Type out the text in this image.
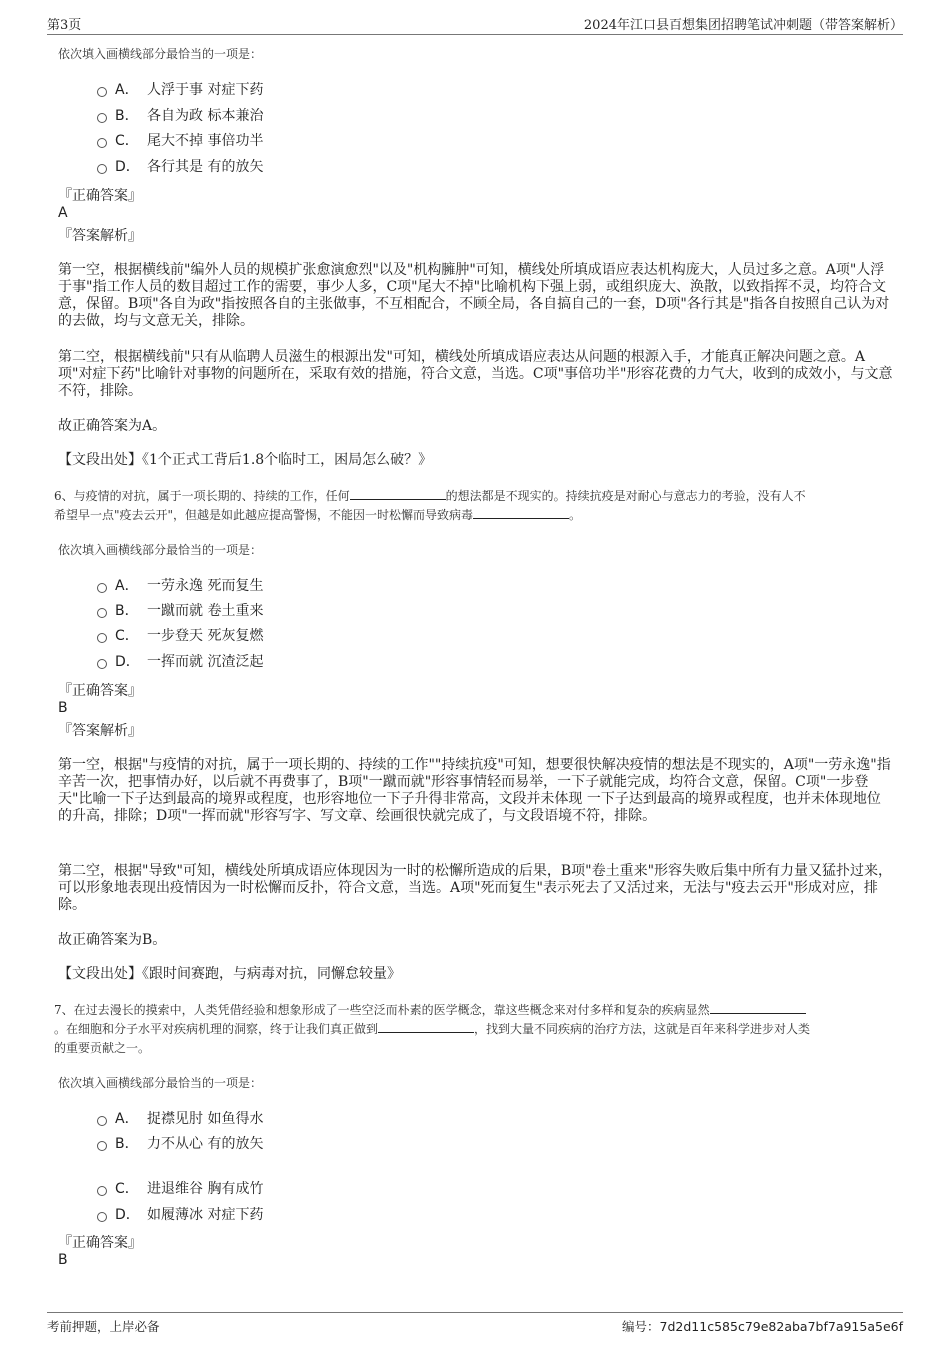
第3页	2024年江口县百想集团招聘笔试冲刺题（带答案解析）
依次填入画横线部分最恰当的一项是：
A． 人浮于事 对症下药
B． 各自为政 标本兼治
C． 尾大不掉 事倍功半
D． 各行其是 有的放矢
『正确答案』
A
『答案解析』
第一空，根据横线前"编外人员的规模扩张愈演愈烈"以及"机构臃肿"可知，横线处所填成语应表达机构庞大，人员过多之意。A项"人浮于事"指工作人员的数目超过工作的需要，事少人多，C项"尾大不掉"比喻机构下强上弱，或组织庞大、涣散，以致指挥不灵，均符合文意，保留。B项"各自为政"指按照各自的主张做事，不互相配合，不顾全局，各自搞自己的一套，D项"各行其是"指各自按照自己认为对的去做，均与文意无关，排除。
第二空，根据横线前"只有从临聘人员滋生的根源出发"可知，横线处所填成语应表达从问题的根源入手，才能真正解决问题之意。A项"对症下药"比喻针对事物的问题所在，采取有效的措施，符合文意，当选。C项"事倍功半"形容花费的力气大，收到的成效小，与文意不符，排除。
故正确答案为A。
【文段出处】《1个正式工背后1.8个临时工，困局怎么破？》
6、与疫情的对抗，属于一项长期的、持续的工作，任何	的想法都是不现实的。持续抗疫是对耐心与意志力的考验，没有人不
希望早一点"疫去云开"，但越是如此越应提高警惕，不能因一时松懈而导致病毒	。
依次填入画横线部分最恰当的一项是：
A． 一劳永逸 死而复生
B． 一蹴而就 卷土重来
C． 一步登天 死灰复燃
D． 一挥而就 沉渣泛起
『正确答案』
B
『答案解析』
第一空，根据"与疫情的对抗，属于一项长期的、持续的工作""持续抗疫"可知，想要很快解决疫情的想法是不现实的，A项"一劳永逸"指辛苦一次，把事情办好，以后就不再费事了，B项"一蹴而就"形容事情轻而易举，一下子就能完成，均符合文意，保留。C项"一步登天"比喻一下子达到最高的境界或程度，也形容地位一下子升得非常高，文段并未体现 一下子达到最高的境界或程度，也并未体现地位的升高，排除；D项"一挥而就"形容写字、写文章、绘画很快就完成了，与文段语境不符，排除。
第二空，根据"导致"可知，横线处所填成语应体现因为一时的松懈所造成的后果，B项"卷土重来"形容失败后集中所有力量又猛扑过来，可以形象地表现出疫情因为一时松懈而反扑，符合文意，当选。A项"死而复生"表示死去了又活过来，无法与"疫去云开"形成对应，排除。
故正确答案为B。
【文段出处】《跟时间赛跑，与病毒对抗，同懈怠较量》
7、在过去漫长的摸索中，人类凭借经验和想象形成了一些空泛而朴素的医学概念，靠这些概念来对付多样和复杂的疾病显然
。在细胞和分子水平对疾病机理的洞察，终于让我们真正做到	，找到大量不同疾病的治疗方法，这就是百年来科学进步对人类
的重要贡献之一。
依次填入画横线部分最恰当的一项是：
A． 捉襟见肘 如鱼得水
B． 力不从心 有的放矢
C． 进退维谷 胸有成竹
D． 如履薄冰 对症下药
『正确答案』
B
考前押题，上岸必备	编号：7d2d11c585c79e82aba7bf7a915a5e6f
